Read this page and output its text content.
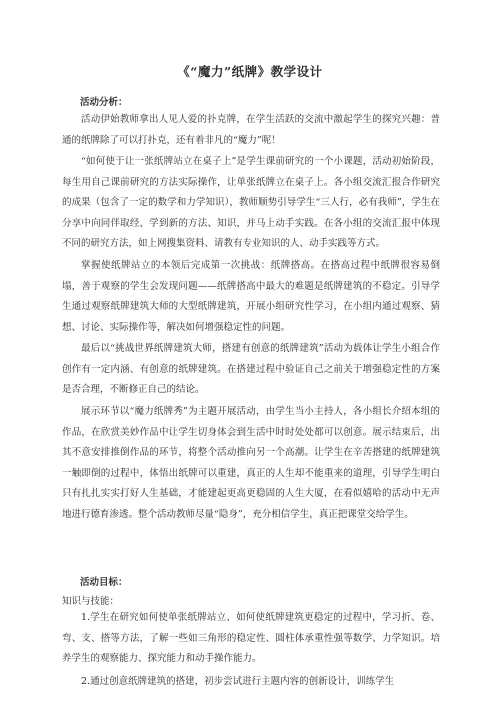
《“魔力”纸牌》教学设计
活动分析：

活动伊始教师拿出人见人爱的扑克牌，在学生活跃的交流中激起学生的探究兴趣：普通的纸牌除了可以打扑克，还有着非凡的“魔力”呢！

“如何使于让一张纸牌站立在桌子上”是学生课前研究的一个小课题，活动初始阶段，每生用自己课前研究的方法实际操作，让单张纸牌立在桌子上。各小组交流汇报合作研究的成果（包含了一定的数学和力学知识），教师顺势引导学生“三人行，必有我师”，学生在分享中向同伴取经，学到新的方法、知识，并马上动手实践。在各小组的交流汇报中体现不同的研究方法，如上网搜集资料、请教有专业知识的人、动手实践等方式。

掌握使纸牌站立的本领后完成第一次挑战：纸牌搭高。在搭高过程中纸牌很容易倒塌，善于观察的学生会发现问题——纸牌搭高中最大的难题是纸牌建筑的不稳定。引导学生通过观察纸牌建筑大师的大型纸牌建筑，开展小组研究性学习，在小组内通过观察、猜想、讨论、实际操作等，解决如何增强稳定性的问题。

最后以“挑战世界纸牌建筑大师，搭建有创意的纸牌建筑”活动为载体让学生小组合作创作有一定内涵、有创意的纸牌建筑。在搭建过程中验证自己之前关于增强稳定性的方案是否合理，不断修正自己的结论。

展示环节以“魔力纸牌秀”为主题开展活动，由学生当小主持人，各小组长介绍本组的作品，在欣赏美妙作品中让学生切身体会到生活中时时处处都可以创意。展示结束后，出其不意安排推倒作品的环节，将整个活动推向另一个高潮。让学生在辛苦搭建的纸牌建筑一触即倒的过程中，体悟出纸牌可以重建，真正的人生却不能重来的道理，引导学生明白只有扎扎实实打好人生基础，才能建起更高更稳固的人生大厦，在看似嬉哈的活动中无声地进行德育渗透。整个活动教师尽量“隐身”，充分相信学生，真正把课堂交给学生。

活动目标：
知识与技能：

1.学生在研究如何使单张纸牌站立、如何使纸牌建筑更稳定的过程中，学习折、卷、弯、支、搭等方法，了解一些如三角形的稳定性、圆柱体承重性强等数学、力学知识。培养学生的观察能力、探究能力和动手操作能力。

2.通过创意纸牌建筑的搭建，初步尝试进行主题内容的创新设计，训练学生
